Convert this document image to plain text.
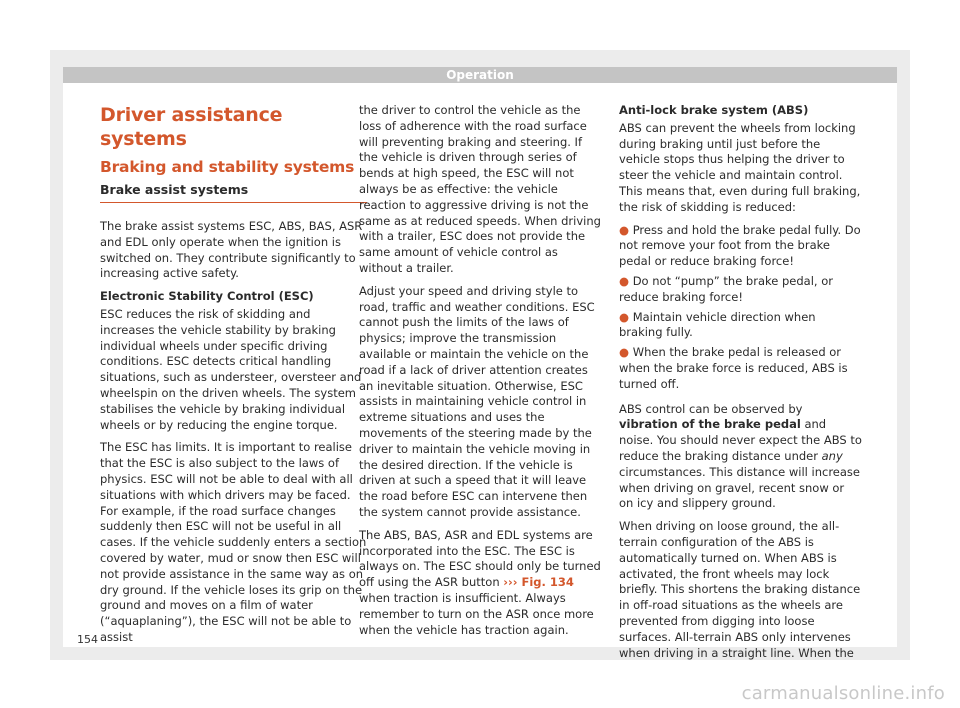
Operation
Driver assistance systems
Braking and stability systems
Brake assist systems

The brake assist systems ESC, ABS, BAS, ASR and EDL only operate when the ignition is switched on. They contribute significantly to increasing active safety.

Electronic Stability Control (ESC)

ESC reduces the risk of skidding and increases the vehicle stability by braking individual wheels under specific driving conditions. ESC detects critical handling situations, such as understeer, oversteer and wheelspin on the driven wheels. The system stabilises the vehicle by braking individual wheels or by reducing the engine torque.

The ESC has limits. It is important to realise that the ESC is also subject to the laws of physics. ESC will not be able to deal with all situations with which drivers may be faced. For example, if the road surface changes suddenly then ESC will not be useful in all cases. If the vehicle suddenly enters a section covered by water, mud or snow then ESC will not provide assistance in the same way as on dry ground. If the vehicle loses its grip on the ground and moves on a film of water (“aquaplaning”), the ESC will not be able to assist

the driver to control the vehicle as the loss of adherence with the road surface will preventing braking and steering. If the vehicle is driven through series of bends at high speed, the ESC will not always be as effective: the vehicle reaction to aggressive driving is not the same as at reduced speeds. When driving with a trailer, ESC does not provide the same amount of vehicle control as without a trailer.

Adjust your speed and driving style to road, traffic and weather conditions. ESC cannot push the limits of the laws of physics; improve the transmission available or maintain the vehicle on the road if a lack of driver attention creates an inevitable situation. Otherwise, ESC assists in maintaining vehicle control in extreme situations and uses the movements of the steering made by the driver to maintain the vehicle moving in the desired direction. If the vehicle is driven at such a speed that it will leave the road before ESC can intervene then the system cannot provide assistance.

The ABS, BAS, ASR and EDL systems are incorporated into the ESC. The ESC is always on. The ESC should only be turned off using the ASR button ››› Fig. 134 when traction is insufficient. Always remember to turn on the ASR once more when the vehicle has traction again.

Anti-lock brake system (ABS)

ABS can prevent the wheels from locking during braking until just before the vehicle stops thus helping the driver to steer the vehicle and maintain control. This means that, even during full braking, the risk of skidding is reduced:

● Press and hold the brake pedal fully. Do not remove your foot from the brake pedal or reduce braking force!
● Do not “pump” the brake pedal, or reduce braking force!
● Maintain vehicle direction when braking fully.
● When the brake pedal is released or when the brake force is reduced, ABS is turned off.

ABS control can be observed by vibration of the brake pedal and noise. You should never expect the ABS to reduce the braking distance under any circumstances. This distance will increase when driving on gravel, recent snow or on icy and slippery ground.

When driving on loose ground, the all-terrain configuration of the ABS is automatically turned on. When ABS is activated, the front wheels may lock briefly. This shortens the braking distance in off-road situations as the wheels are prevented from digging into loose surfaces. All-terrain ABS only intervenes when driving in a straight line. When the

154
carmanualsonline.info
